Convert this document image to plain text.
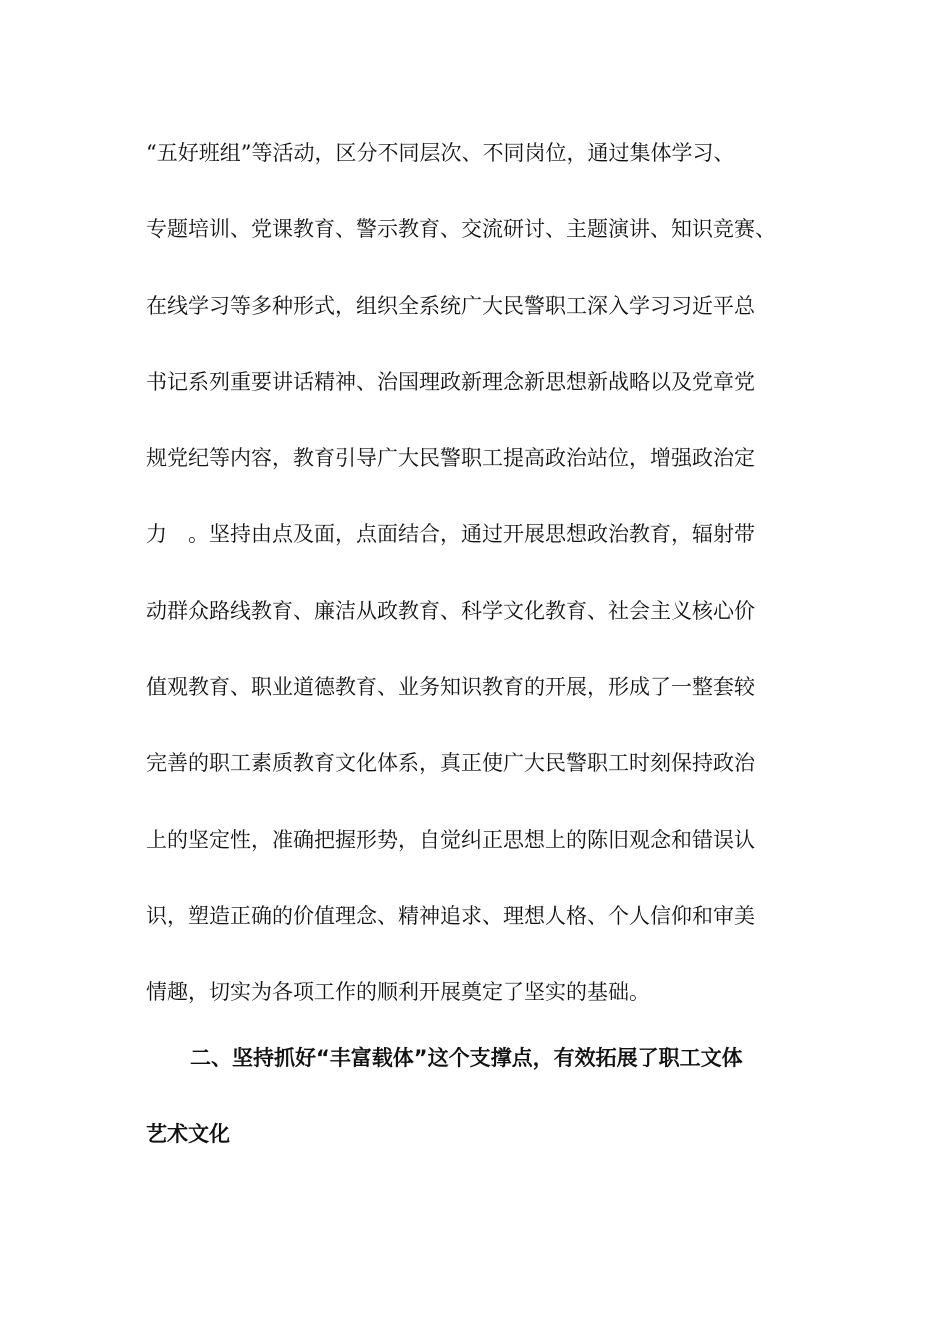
“五好班组”等活动，区分不同层次、不同岗位，通过集体学习、
专题培训、党课教育、警示教育、交流研讨、主题演讲、知识竞赛、
在线学习等多种形式，组织全系统广大民警职工深入学习习近平总
书记系列重要讲话精神、治国理政新理念新思想新战略以及党章党
规党纪等内容，教育引导广大民警职工提高政治站位，增强政治定
力　。坚持由点及面，点面结合，通过开展思想政治教育，辐射带
动群众路线教育、廉洁从政教育、科学文化教育、社会主义核心价
值观教育、职业道德教育、业务知识教育的开展，形成了一整套较
完善的职工素质教育文化体系，真正使广大民警职工时刻保持政治
上的坚定性，准确把握形势，自觉纠正思想上的陈旧观念和错误认
识，塑造正确的价值理念、精神追求、理想人格、个人信仰和审美
情趣，切实为各项工作的顺利开展奠定了坚实的基础。
二、坚持抓好“丰富载体”这个支撑点，有效拓展了职工文体
艺术文化
